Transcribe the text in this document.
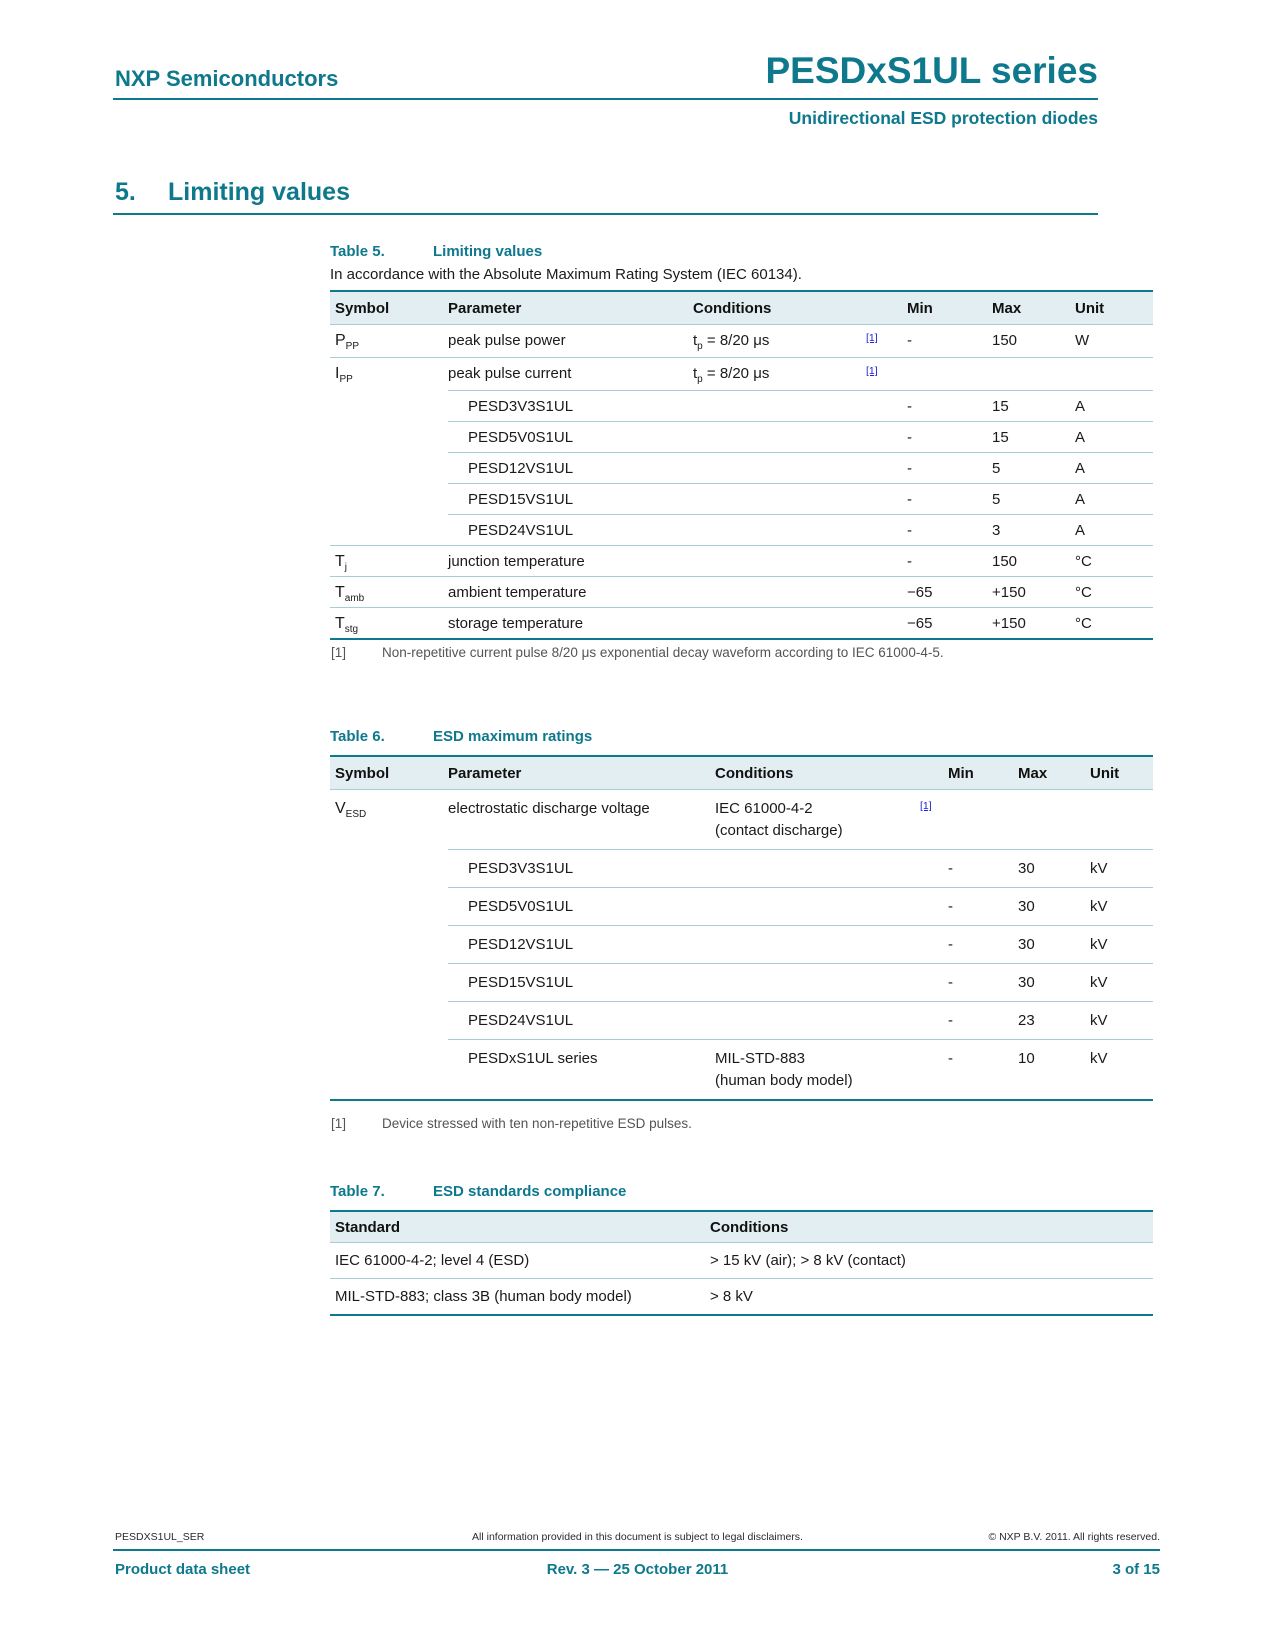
NXP Semiconductors	PESDxS1UL series
Unidirectional ESD protection diodes
5. Limiting values
Table 5.	Limiting values
In accordance with the Absolute Maximum Rating System (IEC 60134).
Symbol	Parameter	Conditions		Min	Max	Unit
$P_{PP}$	peak pulse power	$t_p = 8/20$ μs	[1]	-	150	W
$I_{PP}$	peak pulse current	$t_p = 8/20$ μs	[1]			
	PESD3V3S1UL			-	15	A
	PESD5V0S1UL			-	15	A
	PESD12VS1UL			-	5	A
	PESD15VS1UL			-	5	A
	PESD24VS1UL			-	3	A
$T_j$	junction temperature			-	150	°C
$T_{amb}$	ambient temperature			−65	+150	°C
$T_{stg}$	storage temperature			−65	+150	°C
[1]	Non-repetitive current pulse 8/20 μs exponential decay waveform according to IEC 61000-4-5.
Table 6.	ESD maximum ratings
Symbol	Parameter	Conditions		Min	Max	Unit
$V_{ESD}$	electrostatic discharge voltage	IEC 61000-4-2
(contact discharge)	[1]			
	PESD3V3S1UL			-	30	kV
	PESD5V0S1UL			-	30	kV
	PESD12VS1UL			-	30	kV
	PESD15VS1UL			-	30	kV
	PESD24VS1UL			-	23	kV
	PESDxS1UL series	MIL-STD-883
(human body model)		-	10	kV
[1]	Device stressed with ten non-repetitive ESD pulses.
Table 7.	ESD standards compliance
Standard	Conditions
IEC 61000-4-2; level 4 (ESD)	> 15 kV (air); > 8 kV (contact)
MIL-STD-883; class 3B (human body model)	> 8 kV
PESDXS1UL_SER	All information provided in this document is subject to legal disclaimers.	© NXP B.V. 2011. All rights reserved.
Product data sheet	Rev. 3 — 25 October 2011	3 of 15
